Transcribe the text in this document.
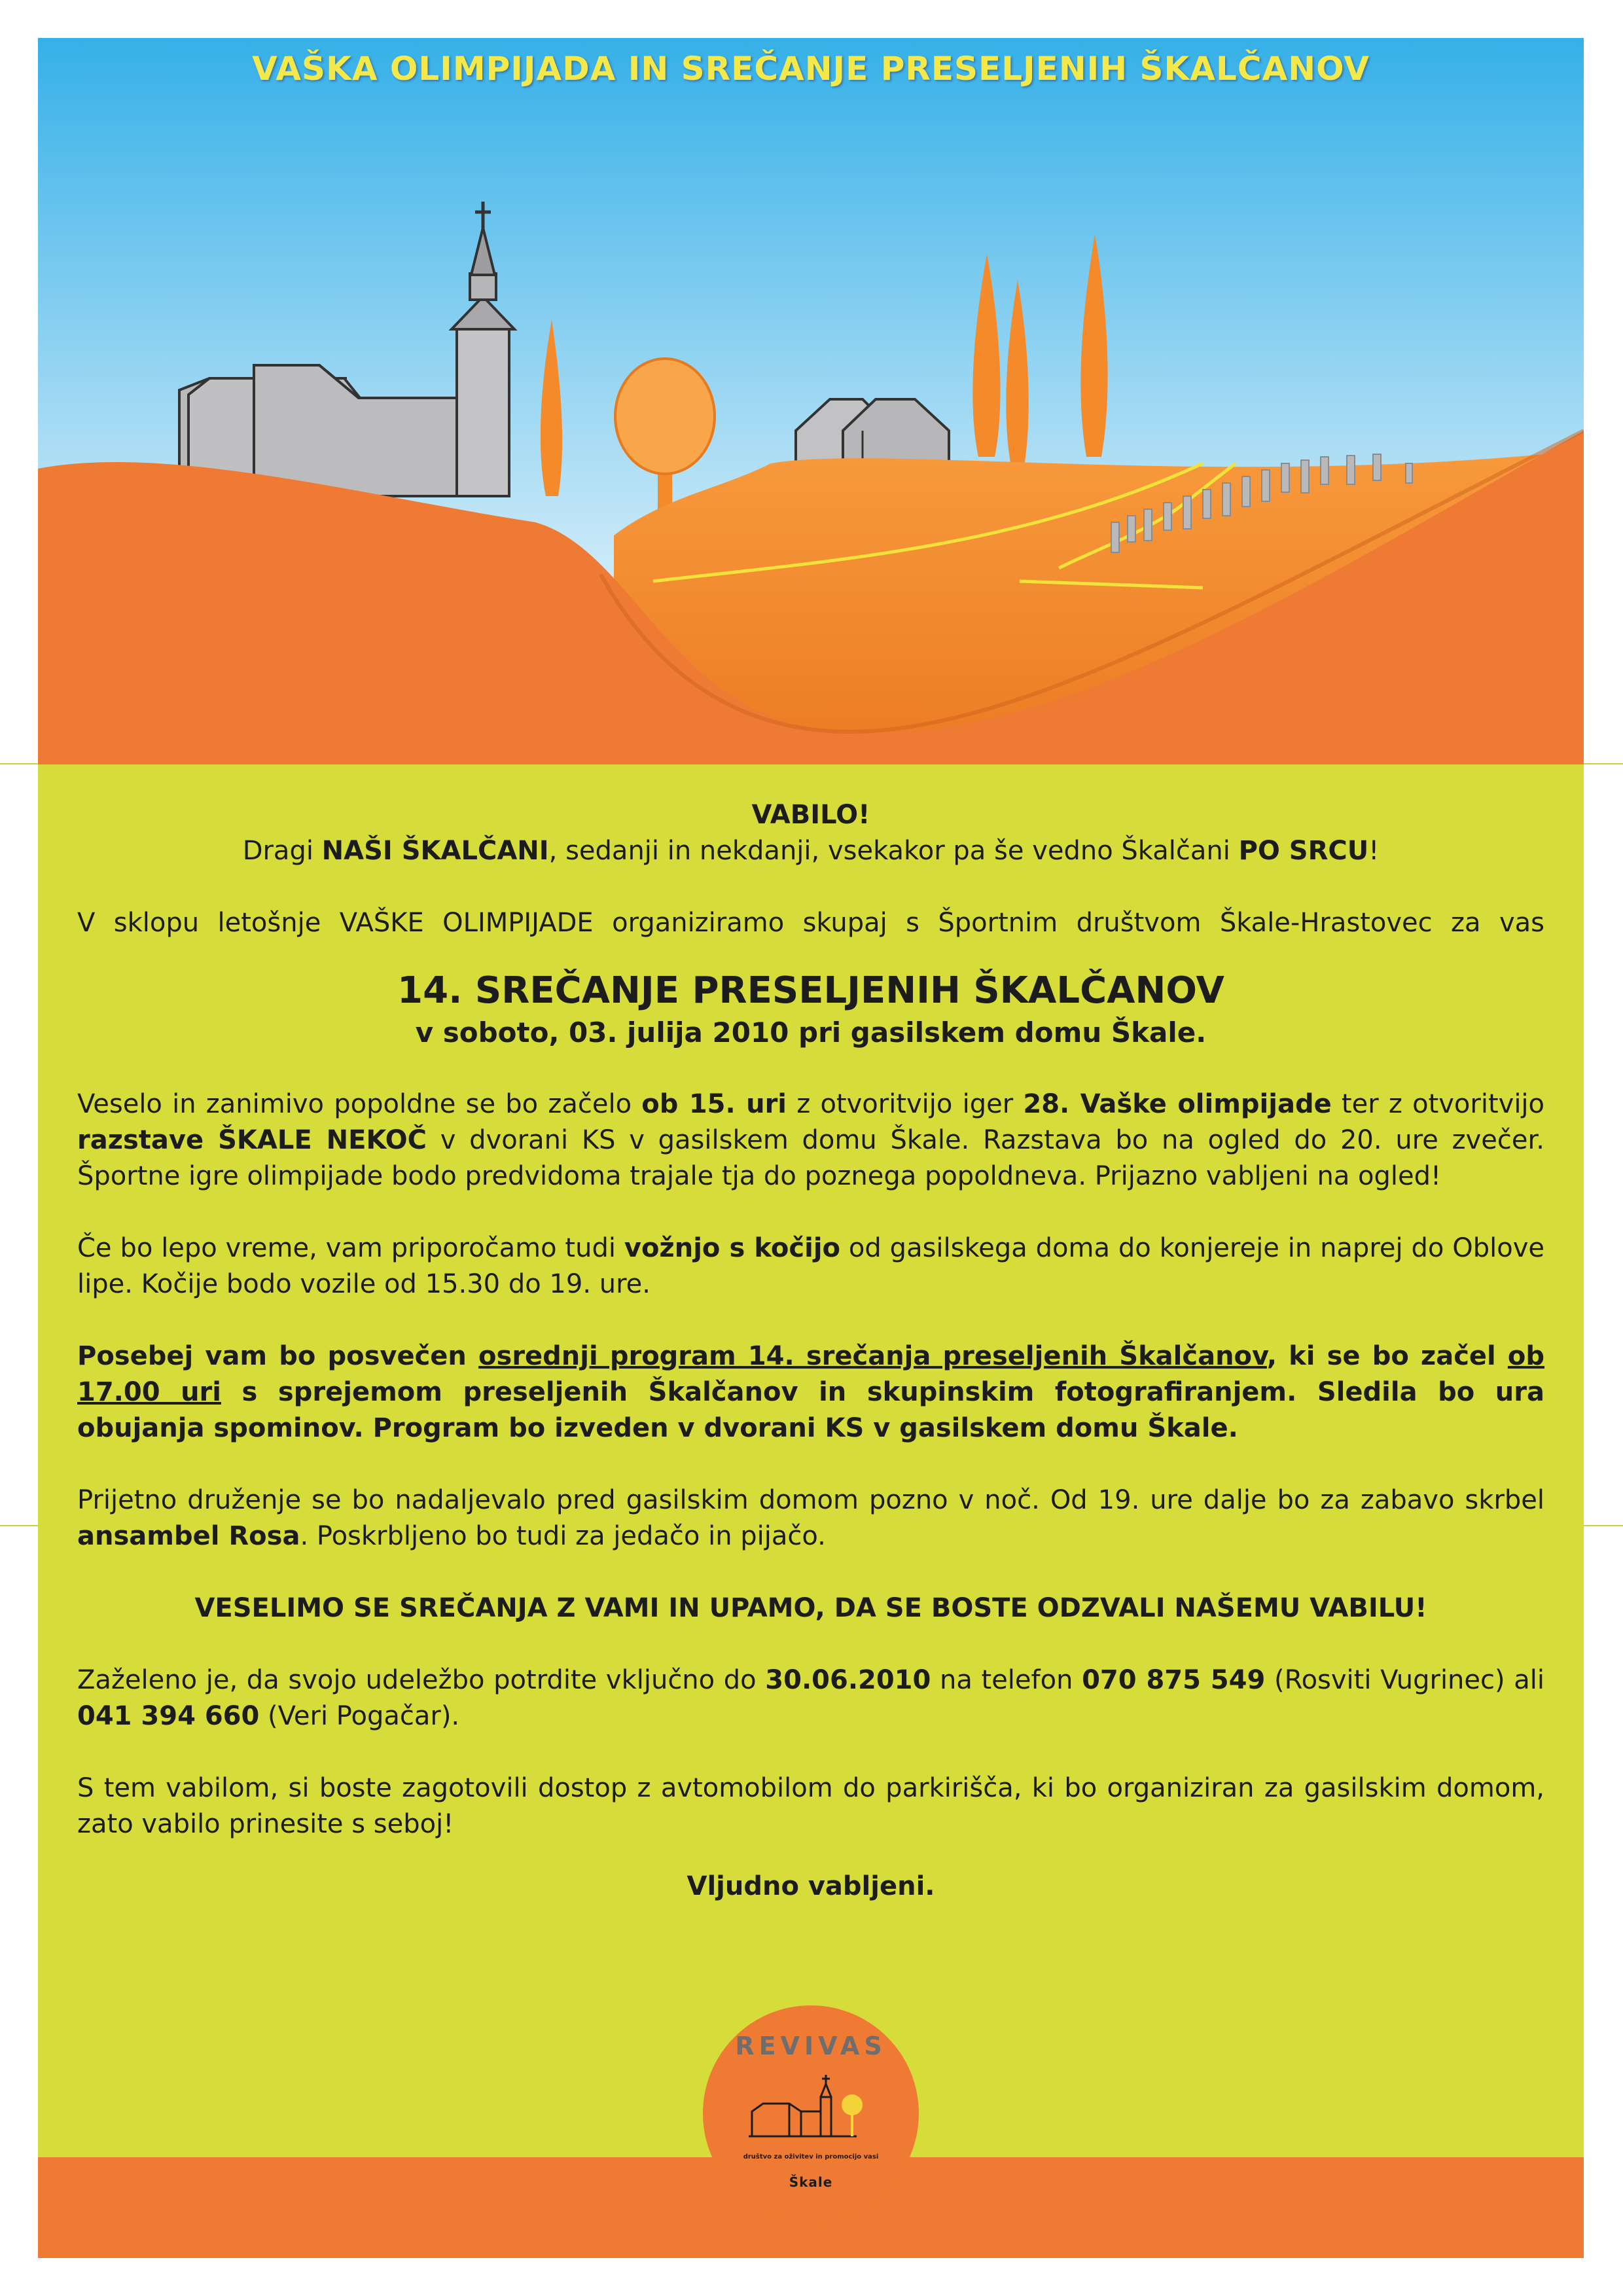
VAŠKA OLIMPIJADA IN SREČANJE PRESELJENIH ŠKALČANOV

VABILO!

Dragi NAŠI ŠKALČANI, sedanji in nekdanji, vsekakor pa še vedno Škalčani PO SRCU!

V sklopu letošnje VAŠKE OLIMPIJADE organiziramo skupaj s Športnim društvom Škale-Hrastovec za vas

14. SREČANJE PRESELJENIH ŠKALČANOV

v soboto, 03. julija 2010 pri gasilskem domu Škale.

Veselo in zanimivo popoldne se bo začelo ob 15. uri z otvoritvijo iger 28. Vaške olimpijade ter z otvoritvijo razstave ŠKALE NEKOČ v dvorani KS v gasilskem domu Škale. Razstava bo na ogled do 20. ure zvečer. Športne igre olimpijade bodo predvidoma trajale tja do poznega popoldneva. Prijazno vabljeni na ogled!

Če bo lepo vreme, vam priporočamo tudi vožnjo s kočijo od gasilskega doma do konjereje in naprej do Oblove lipe. Kočije bodo vozile od 15.30 do 19. ure.

Posebej vam bo posvečen osrednji program 14. srečanja preseljenih Škalčanov, ki se bo začel ob 17.00 uri s sprejemom preseljenih Škalčanov in skupinskim fotografiranjem. Sledila bo ura obujanja spominov. Program bo izveden v dvorani KS v gasilskem domu Škale.

Prijetno druženje se bo nadaljevalo pred gasilskim domom pozno v noč. Od 19. ure dalje bo za zabavo skrbel ansambel Rosa. Poskrbljeno bo tudi za jedačo in pijačo.

VESELIMO SE SREČANJA Z VAMI IN UPAMO, DA SE BOSTE ODZVALI NAŠEMU VABILU!

Zaželeno je, da svojo udeležbo potrdite vključno do 30.06.2010 na telefon 070 875 549 (Rosviti Vugrinec) ali 041 394 660 (Veri Pogačar).

S tem vabilom, si boste zagotovili dostop z avtomobilom do parkirišča, ki bo organiziran za gasilskim domom, zato vabilo prinesite s seboj!

Vljudno vabljeni.

REVIVAS
društvo za oživitev in promocijo vasi
Škale
